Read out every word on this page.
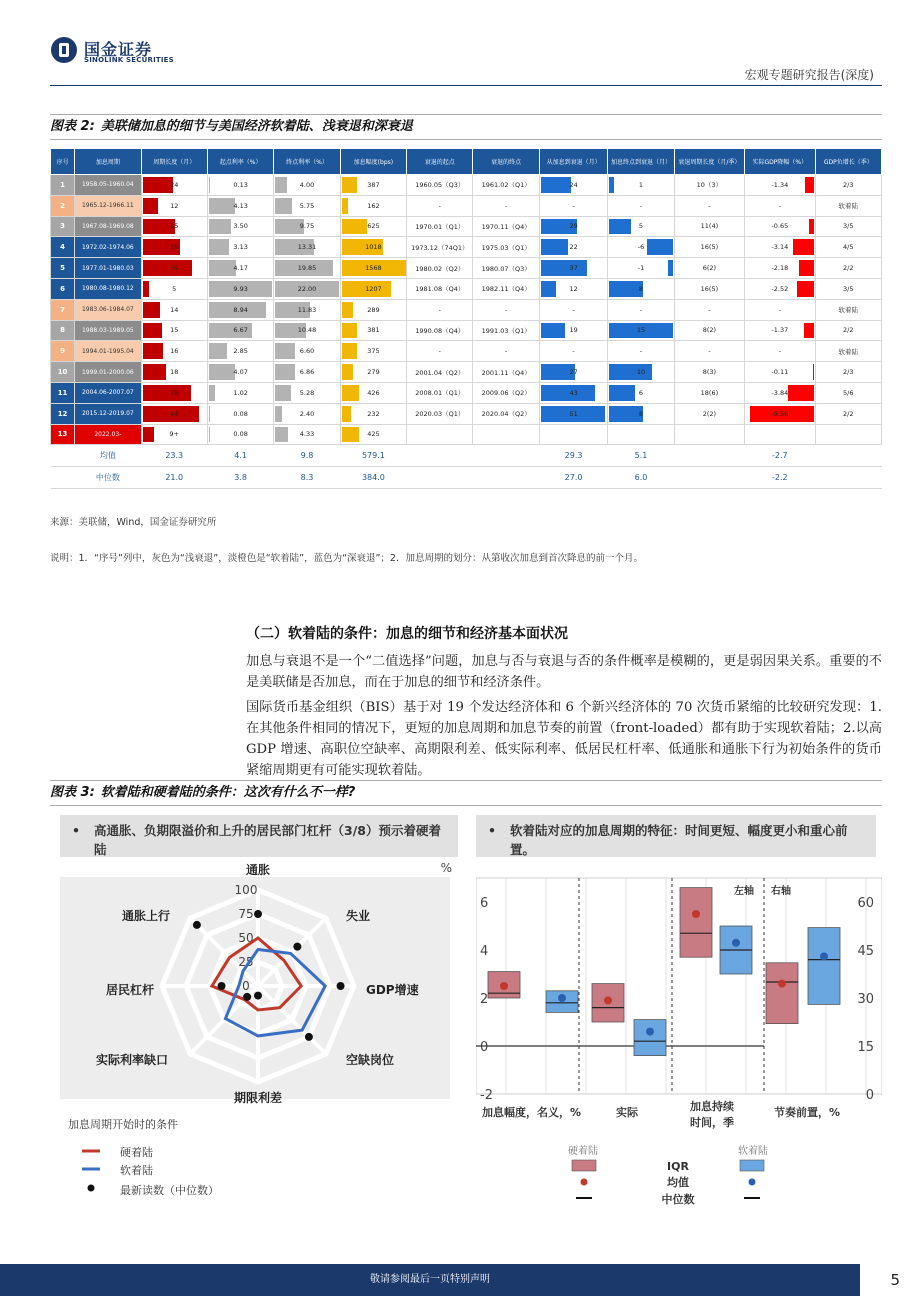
国金证券
SINOLINK SECURITIES
宏观专题研究报告(深度)
图表 2: 美联储加息的细节与美国经济软着陆、浅衰退和深衰退
序号	加息周期	周期长度（月）	起点利率（%）	终点利率（%）	加息幅度(bps)	衰退的起点	衰退的终点	从加息到衰退（月）	加息终点到衰退（月）	衰退周期长度（月/季）	实际GDP降幅（%）	GDP负增长（季）
1	1958.05-1960.04	24	0.13	4.00	387	1960.05（Q3）	1961.02（Q1）	24	1	10（3）	-1.34	2/3
2	1965.12-1966.11	12	4.13	5.75	162	-	-	-	-	-	-	软着陆
3	1967.08-1969.08	25	3.50	9.75	625	1970.01（Q1）	1970.11（Q4）	29	5	11(4)	-0.65	3/5
4	1972.02-1974.06	29	3.13	13.31	1018	1973.12（74Q1）	1975.03（Q1）	22	-6	16(5)	-3.14	4/5
5	1977.01-1980.03	39	4.17	19.85	1568	1980.02（Q2）	1980.07（Q3）	37	-1	6(2)	-2.18	2/2
6	1980.08-1980.12	5	9.93	22.00	1207	1981.08（Q4）	1982.11（Q4）	12	8	16(5)	-2.52	3/5
7	1983.06-1984.07	14	8.94	11.83	289	-	-	-	-	-	-	软着陆
8	1988.03-1989.05	15	6.67	10.48	381	1990.08（Q4）	1991.03（Q1）	19	15	8(2)	-1.37	2/2
9	1994.01-1995.04	16	2.85	6.60	375	-	-	-	-	-	-	软着陆
10	1999.01-2000.06	18	4.07	6.86	279	2001.04（Q2）	2001.11（Q4）	27	10	8(3)	-0.11	2/3
11	2004.06-2007.07	38	1.02	5.28	426	2008.01（Q1）	2009.06（Q2）	43	6	18(6)	-3.84	5/6
12	2015.12-2019.07	44	0.08	2.40	232	2020.03（Q1）	2020.04（Q2）	51	8	2(2)	-9.56	2/2
13	2022.03-	9+	0.08	4.33	425							
	均值	23.3	4.1	9.8	579.1			29.3	5.1		-2.7	
	中位数	21.0	3.8	8.3	384.0			27.0	6.0		-2.2	
来源：美联储，Wind，国金证券研究所
说明：1．“序号”列中，灰色为“浅衰退”，淡橙色是“软着陆”，蓝色为“深衰退”；2．加息周期的划分：从第收次加息到首次降息的前一个月。
（二）软着陆的条件：加息的细节和经济基本面状况
加息与衰退不是一个“二值选择”问题，加息与否与衰退与否的条件概率是模糊的，更是弱因果关系。重要的不是美联储是否加息，而在于加息的细节和经济条件。
国际货币基金组织（BIS）基于对 19 个发达经济体和 6 个新兴经济体的 70 次货币紧缩的比较研究发现：1.在其他条件相同的情况下，更短的加息周期和加息节奏的前置（front-loaded）都有助于实现软着陆；2.以高 GDP 增速、高职位空缺率、高期限利差、低实际利率、低居民杠杆率、低通胀和通胀下行为初始条件的货币紧缩周期更有可能实现软着陆。
图表 3: 软着陆和硬着陆的条件：这次有什么不一样?
• 高通胀、负期限溢价和上升的居民部门杠杆（3/8）预示着硬着陆
• 软着陆对应的加息周期的特征：时间更短、幅度更小和重心前置。
100
75
50
25
0
通胀
失业
GDP增速
空缺岗位
期限利差
实际利率缺口
居民杠杆
通胀上行
%
加息周期开始时的条件
硬着陆
软着陆
最新读数（中位数）
6
4
2
0
-2
60
45
30
15
0
左轴 右轴
加息幅度，名义，%	实际	加息持续
时间，季
节奏前置，%
硬着陆	软着陆
IQR
均值
中位数
敬请参阅最后一页特别声明	5
